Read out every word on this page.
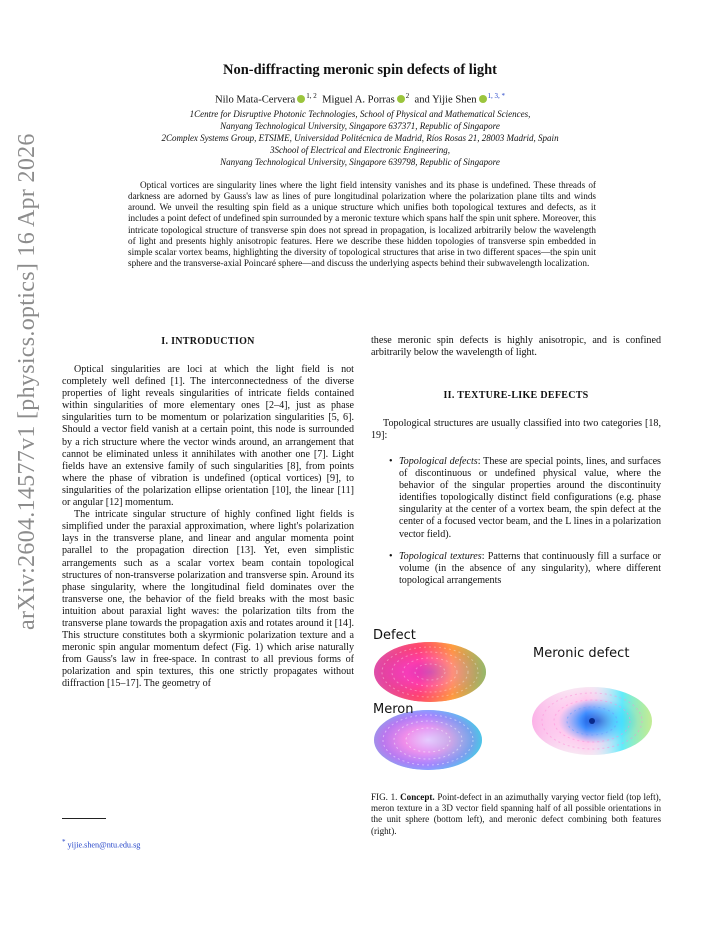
arXiv:2604.14577v1 [physics.optics] 16 Apr 2026
Non-diffracting meronic spin defects of light
Nilo Mata-Cervera $^{1, 2}$ Miguel A. Porras $^2$ and Yijie Shen $^{1, 3, *}$
1Centre for Disruptive Photonic Technologies, School of Physical and Mathematical Sciences,
Nanyang Technological University, Singapore 637371, Republic of Singapore
2Complex Systems Group, ETSIME, Universidad Politécnica de Madrid, Ríos Rosas 21, 28003 Madrid, Spain
3School of Electrical and Electronic Engineering,
Nanyang Technological University, Singapore 639798, Republic of Singapore

Optical vortices are singularity lines where the light field intensity vanishes and its phase is undefined. These threads of darkness are adorned by Gauss's law as lines of pure longitudinal polarization where the polarization plane tilts and winds around. We unveil the resulting spin field as a unique structure which unifies both topological textures and defects, as it includes a point defect of undefined spin surrounded by a meronic texture which spans half the spin unit sphere. Moreover, this intricate topological structure of transverse spin does not spread in propagation, is localized arbitrarily below the wavelength of light and presents highly anisotropic features. Here we describe these hidden topologies of transverse spin embedded in simple scalar vortex beams, highlighting the diversity of topological structures that arise in two different spaces—the spin unit sphere and the transverse-axial Poincaré sphere—and discuss the underlying aspects behind their subwavelength localization.

I. INTRODUCTION

Optical singularities are loci at which the light field is not completely well defined [1]. The interconnectedness of the diverse properties of light reveals singularities of intricate fields contained within singularities of more elementary ones [2–4], just as phase singularities turn to be momentum or polarization singularities [5, 6]. Should a vector field vanish at a certain point, this node is surrounded by a rich structure where the vector winds around, an arrangement that cannot be eliminated unless it annihilates with another one [7]. Light fields have an extensive family of such singularities [8], from points where the phase of vibration is undefined (optical vortices) [9], to singularities of the polarization ellipse orientation [10], the linear [11] or angular [12] momentum.

The intricate singular structure of highly confined light fields is simplified under the paraxial approximation, where light's polarization lays in the transverse plane, and linear and angular momenta point parallel to the propagation direction [13]. Yet, even simplistic arrangements such as a scalar vortex beam contain topological structures of non-transverse polarization and transverse spin. Around its phase singularity, where the longitudinal field dominates over the transverse one, the behavior of the field breaks with the most basic intuition about paraxial light waves: the polarization tilts from the transverse plane towards the propagation axis and rotates around it [14]. This structure constitutes both a skyrmionic polarization texture and a meronic spin angular momentum defect (Fig. 1) which arise naturally from Gauss's law in free-space. In contrast to all previous forms of polarization and spin textures, this one strictly propagates without diffraction [15–17]. The geometry of

* yijie.shen@ntu.edu.sg

these meronic spin defects is highly anisotropic, and is confined arbitrarily below the wavelength of light.

II. TEXTURE-LIKE DEFECTS

Topological structures are usually classified into two categories [18, 19]:

• Topological defects: These are special points, lines, and surfaces of discontinuous or undefined physical value, where the behavior of the singular properties around the discontinuity identifies topologically distinct field configurations (e.g. phase singularity at the center of a vortex beam, the spin defect at the center of a focused vector beam, and the L lines in a polarization vector field).
• Topological textures: Patterns that continuously fill a surface or volume (in the absence of any singularity), where different topological arrangements
Defect
Meronic defect
Meron
FIG. 1. Concept. Point-defect in an azimuthally varying vector field (top left), meron texture in a 3D vector field spanning half of all possible orientations in the unit sphere (bottom left), and meronic defect combining both features (right).
